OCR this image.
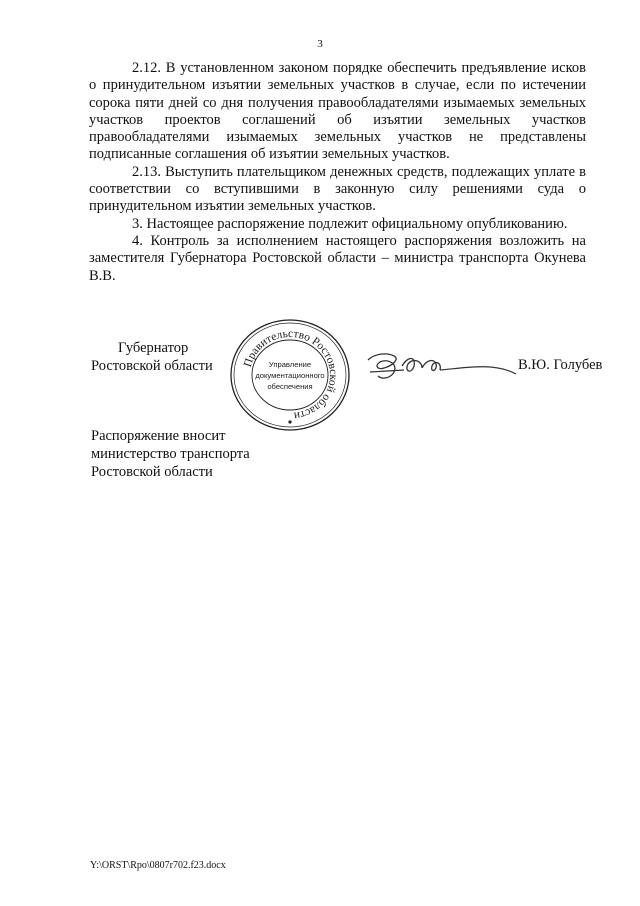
3

2.12. В установленном законом порядке обеспечить предъявление исков о принудительном изъятии земельных участков в случае, если по истечении сорока пяти дней со дня получения правообладателями изымаемых земельных участков проектов соглашений об изъятии земельных участков правообладателями изымаемых земельных участков не представлены подписанные соглашения об изъятии земельных участков.

2.13. Выступить плательщиком денежных средств, подлежащих уплате в соответствии со вступившими в законную силу решениями суда о принудительном изъятии земельных участков.

3. Настоящее распоряжение подлежит официальному опубликованию.

4. Контроль за исполнением настоящего распоряжения возложить на заместителя Губернатора Ростовской области – министра транспорта Окунева В.В.

Губернатор
Ростовской области	Правительство Ростовской области
Управление
документационного
обеспечения
В.Ю. Голубев
Распоряжение вносит
министерство транспорта
Ростовской области
Y:\ORST\Rpo\0807r702.f23.docx
